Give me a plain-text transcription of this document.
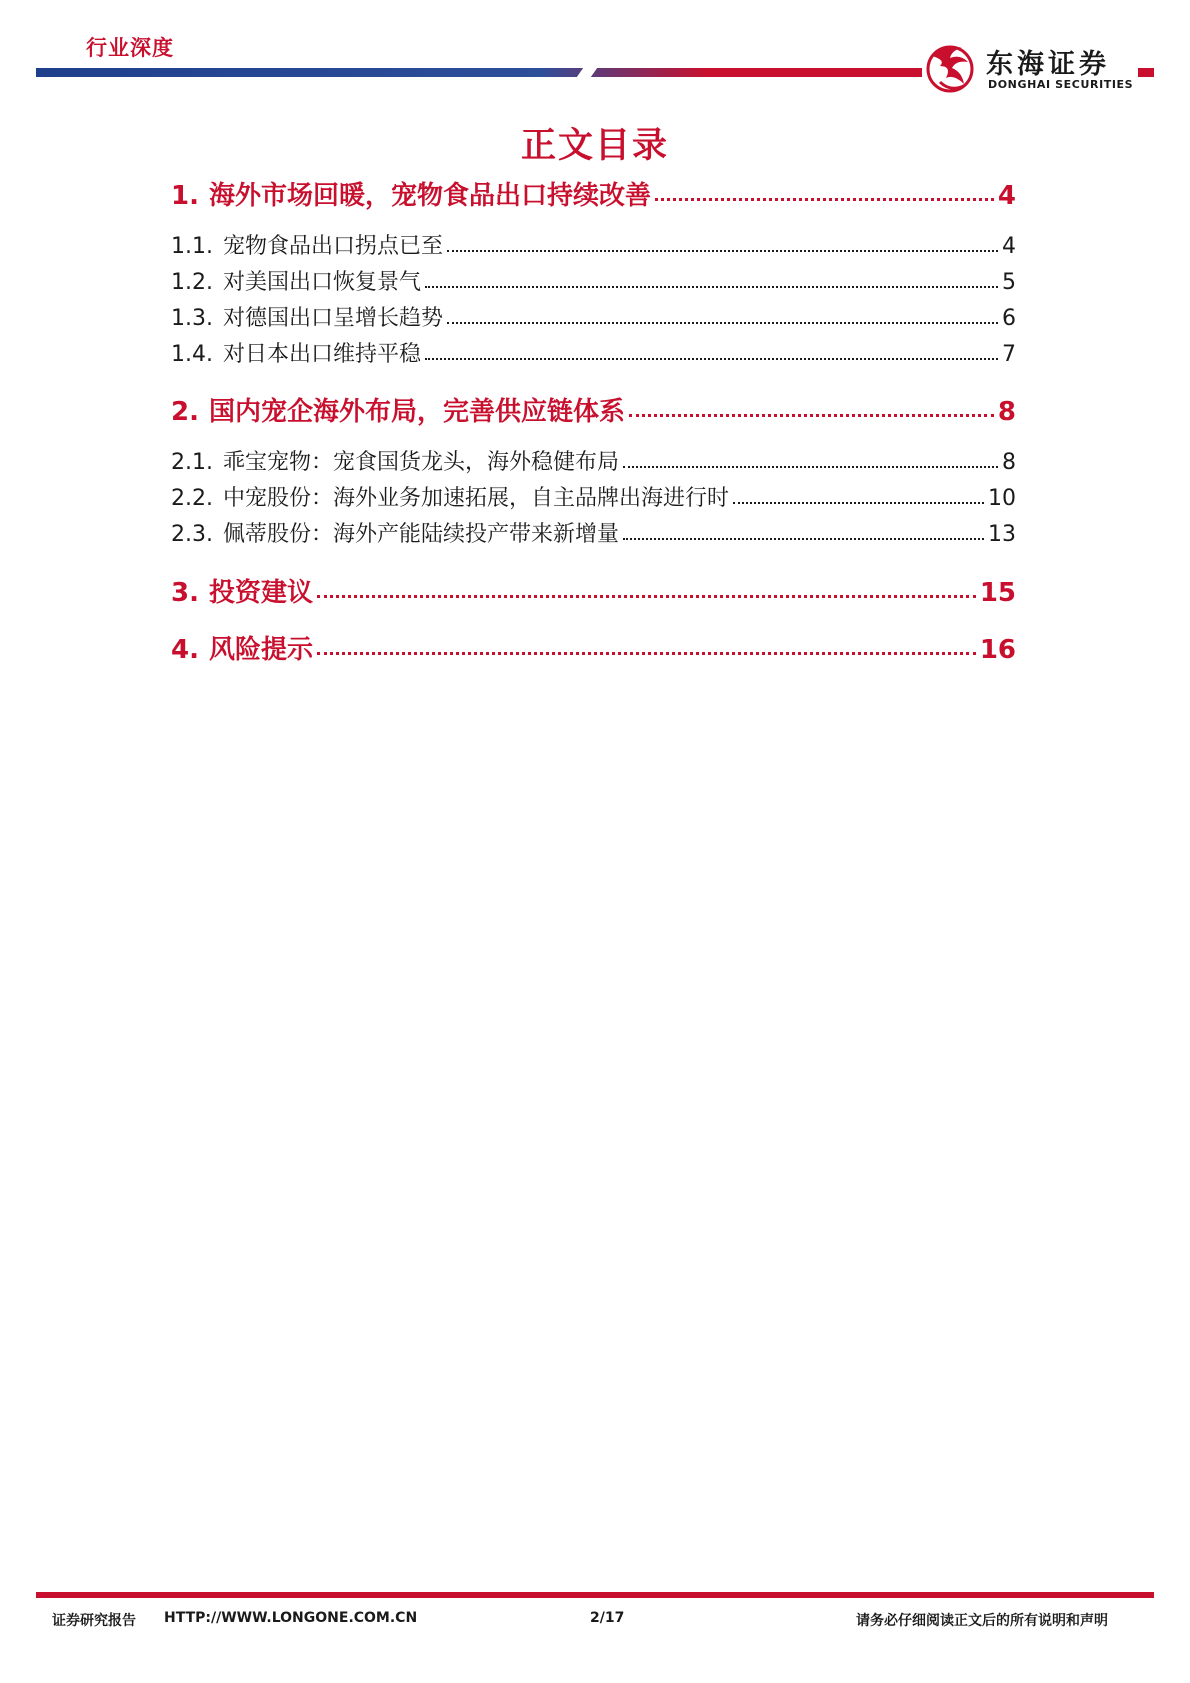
行业深度
东海证券
DONGHAI SECURITIES
正文目录
1. 海外市场回暖，宠物食品出口持续改善	4
1.1. 宠物食品出口拐点已至	4
1.2. 对美国出口恢复景气	5
1.3. 对德国出口呈增长趋势	6
1.4. 对日本出口维持平稳	7
2. 国内宠企海外布局，完善供应链体系	8
2.1. 乖宝宠物：宠食国货龙头，海外稳健布局	8
2.2. 中宠股份：海外业务加速拓展，自主品牌出海进行时	10
2.3. 佩蒂股份：海外产能陆续投产带来新增量	13
3. 投资建议	15
4. 风险提示	16
证券研究报告 HTTP://WWW.LONGONE.COM.CN	2/17	请务必仔细阅读正文后的所有说明和声明
